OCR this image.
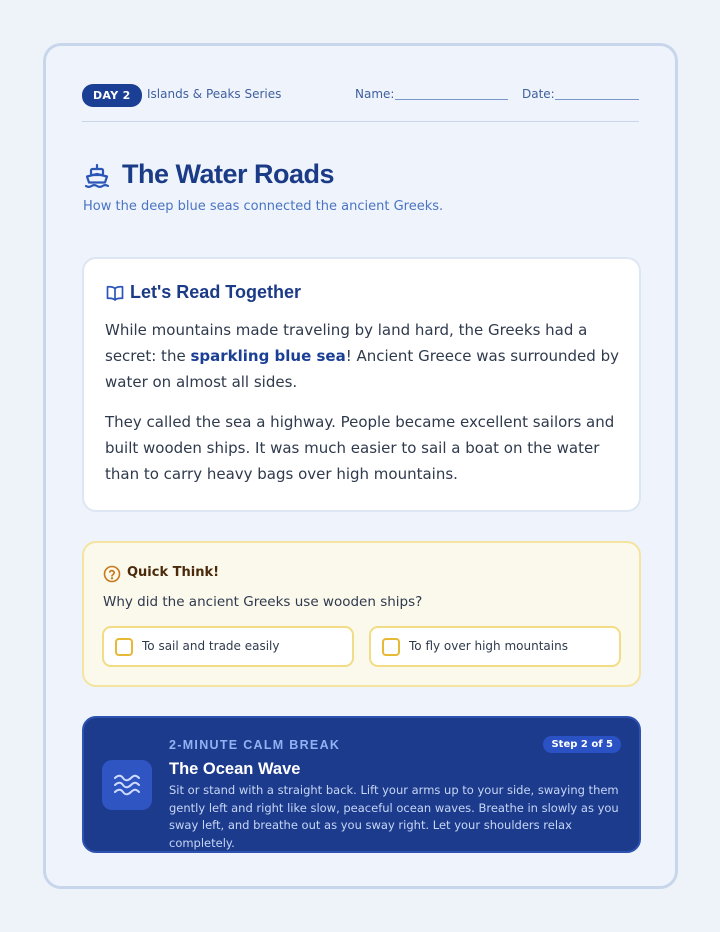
DAY 2	Islands & Peaks Series	Name:	Date:
The Water Roads

How the deep blue seas connected the ancient Greeks.

Let's Read Together

While mountains made traveling by land hard, the Greeks had a secret: the sparkling blue sea! Ancient Greece was surrounded by water on almost all sides.

They called the sea a highway. People became excellent sailors and built wooden ships. It was much easier to sail a boat on the water than to carry heavy bags over high mountains.

Quick Think!

Why did the ancient Greeks use wooden ships?

To sail and trade easily	To fly over high mountains
2-MINUTE CALM BREAK	Step 2 of 5
The Ocean Wave

Sit or stand with a straight back. Lift your arms up to your side, swaying them gently left and right like slow, peaceful ocean waves. Breathe in slowly as you sway left, and breathe out as you sway right. Let your shoulders relax completely.
